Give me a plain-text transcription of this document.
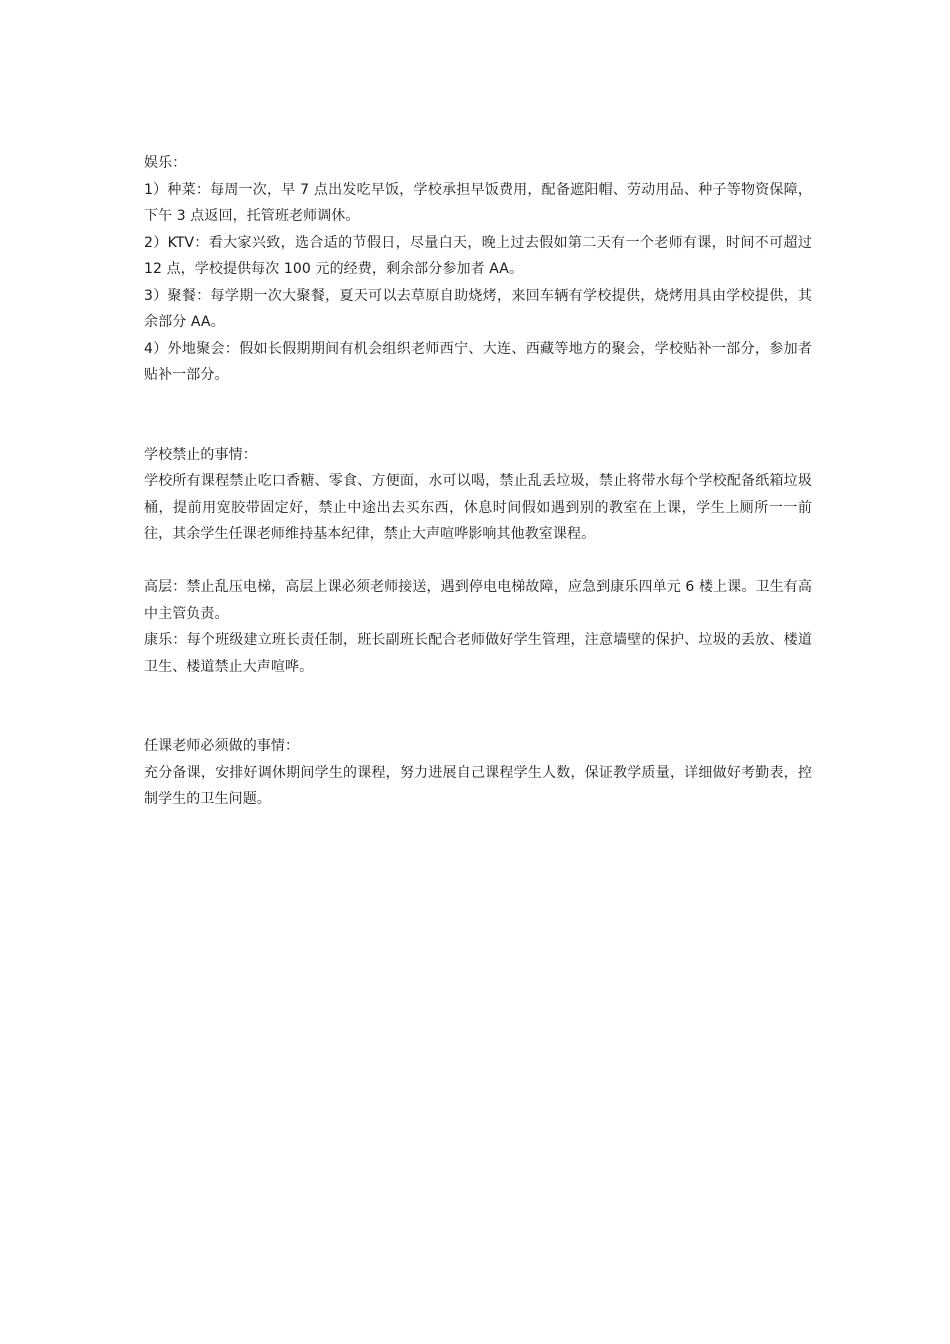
娱乐：

1）种菜：每周一次，早 7 点出发吃早饭，学校承担早饭费用，配备遮阳帽、劳动用品、种子等物资保障，下午 3 点返回，托管班老师调休。

2）KTV：看大家兴致，选合适的节假日，尽量白天，晚上过去假如第二天有一个老师有课，时间不可超过 12 点，学校提供每次 100 元的经费，剩余部分参加者 AA。

3）聚餐：每学期一次大聚餐，夏天可以去草原自助烧烤，来回车辆有学校提供，烧烤用具由学校提供，其余部分 AA。

4）外地聚会：假如长假期期间有机会组织老师西宁、大连、西藏等地方的聚会，学校贴补一部分，参加者贴补一部分。

学校禁止的事情：

学校所有课程禁止吃口香糖、零食、方便面，水可以喝，禁止乱丢垃圾，禁止将带水每个学校配备纸箱垃圾桶，提前用宽胶带固定好，禁止中途出去买东西，休息时间假如遇到别的教室在上课，学生上厕所一一前往，其余学生任课老师维持基本纪律，禁止大声喧哗影响其他教室课程。

高层：禁止乱压电梯，高层上课必须老师接送，遇到停电电梯故障，应急到康乐四单元 6 楼上课。卫生有高中主管负责。

康乐：每个班级建立班长责任制，班长副班长配合老师做好学生管理，注意墙壁的保护、垃圾的丢放、楼道卫生、楼道禁止大声喧哗。

任课老师必须做的事情：

充分备课，安排好调休期间学生的课程，努力进展自己课程学生人数，保证教学质量，详细做好考勤表，控制学生的卫生问题。
